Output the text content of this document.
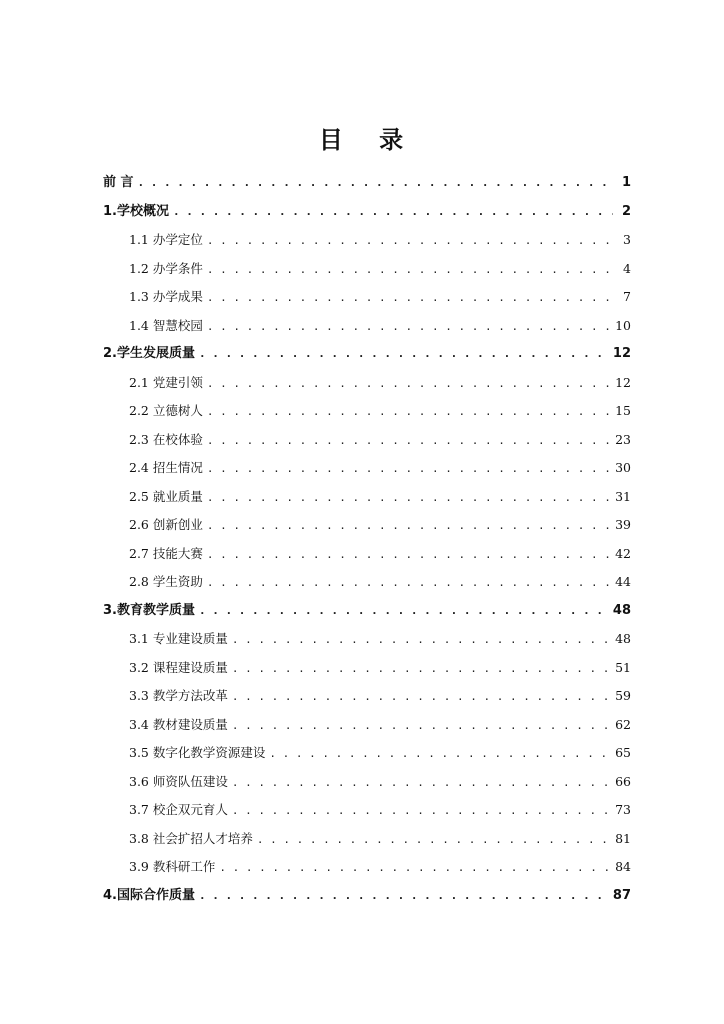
目 录
前 言 . . .	1
1.学校概况 . . .	2
1.1 办学定位 . . .	3
1.2 办学条件 . . .	4
1.3 办学成果 . . .	7
1.4 智慧校园 . . .	10
2.学生发展质量 . . .	12
2.1 党建引领 . . .	12
2.2 立德树人 . . .	15
2.3 在校体验 . . .	23
2.4 招生情况 . . .	30
2.5 就业质量 . . .	31
2.6 创新创业 . . .	39
2.7 技能大赛 . . .	42
2.8 学生资助 . . .	44
3.教育教学质量 . . .	48
3.1 专业建设质量 . . .	48
3.2 课程建设质量 . . .	51
3.3 教学方法改革 . . .	59
3.4 教材建设质量 . . .	62
3.5 数字化教学资源建设 . . .	65
3.6 师资队伍建设 . . .	66
3.7 校企双元育人 . . .	73
3.8 社会扩招人才培养 . . .	81
3.9 教科研工作 . . .	84
4.国际合作质量 . . .	87
